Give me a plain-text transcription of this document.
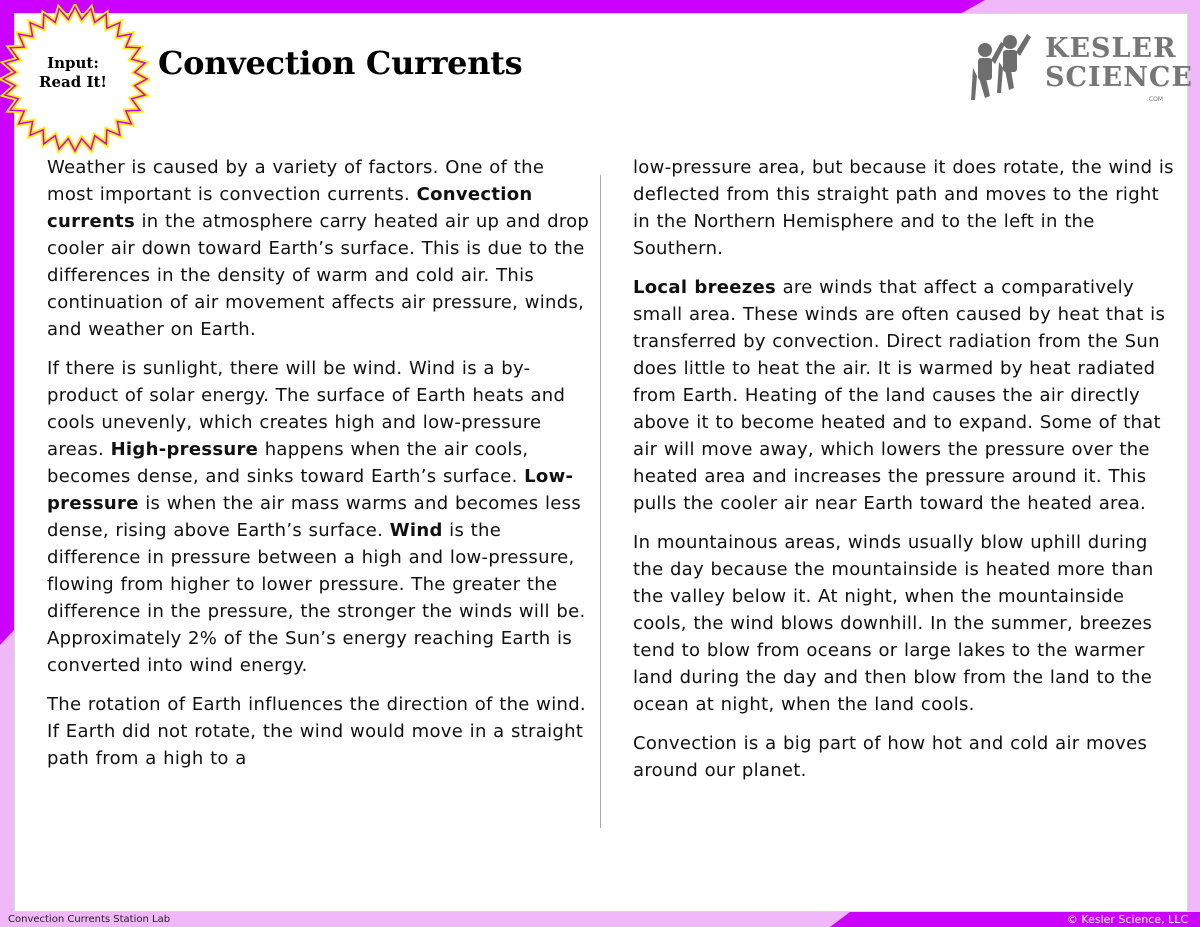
Input:
Read It!	Convection Currents	KESLER
SCIENCE
.COM

Weather is caused by a variety of factors. One of the most important is convection currents. Convection currents in the atmosphere carry heated air up and drop cooler air down toward Earth’s surface. This is due to the differences in the density of warm and cold air. This continuation of air movement affects air pressure, winds, and weather on Earth.

If there is sunlight, there will be wind. Wind is a by-product of solar energy. The surface of Earth heats and cools unevenly, which creates high and low-pressure areas. High-pressure happens when the air cools, becomes dense, and sinks toward Earth’s surface. Low-pressure is when the air mass warms and becomes less dense, rising above Earth’s surface. Wind is the difference in pressure between a high and low-pressure, flowing from higher to lower pressure. The greater the difference in the pressure, the stronger the winds will be. Approximately 2% of the Sun’s energy reaching Earth is converted into wind energy.

The rotation of Earth influences the direction of the wind. If Earth did not rotate, the wind would move in a straight path from a high to a

low-pressure area, but because it does rotate, the wind is deflected from this straight path and moves to the right in the Northern Hemisphere and to the left in the Southern.

Local breezes are winds that affect a comparatively small area. These winds are often caused by heat that is transferred by convection. Direct radiation from the Sun does little to heat the air. It is warmed by heat radiated from Earth. Heating of the land causes the air directly above it to become heated and to expand. Some of that air will move away, which lowers the pressure over the heated area and increases the pressure around it. This pulls the cooler air near Earth toward the heated area.

In mountainous areas, winds usually blow uphill during the day because the mountainside is heated more than the valley below it. At night, when the mountainside cools, the wind blows downhill. In the summer, breezes tend to blow from oceans or large lakes to the warmer land during the day and then blow from the land to the ocean at night, when the land cools.

Convection is a big part of how hot and cold air moves around our planet.

Convection Currents Station Lab	© Kesler Science, LLC
